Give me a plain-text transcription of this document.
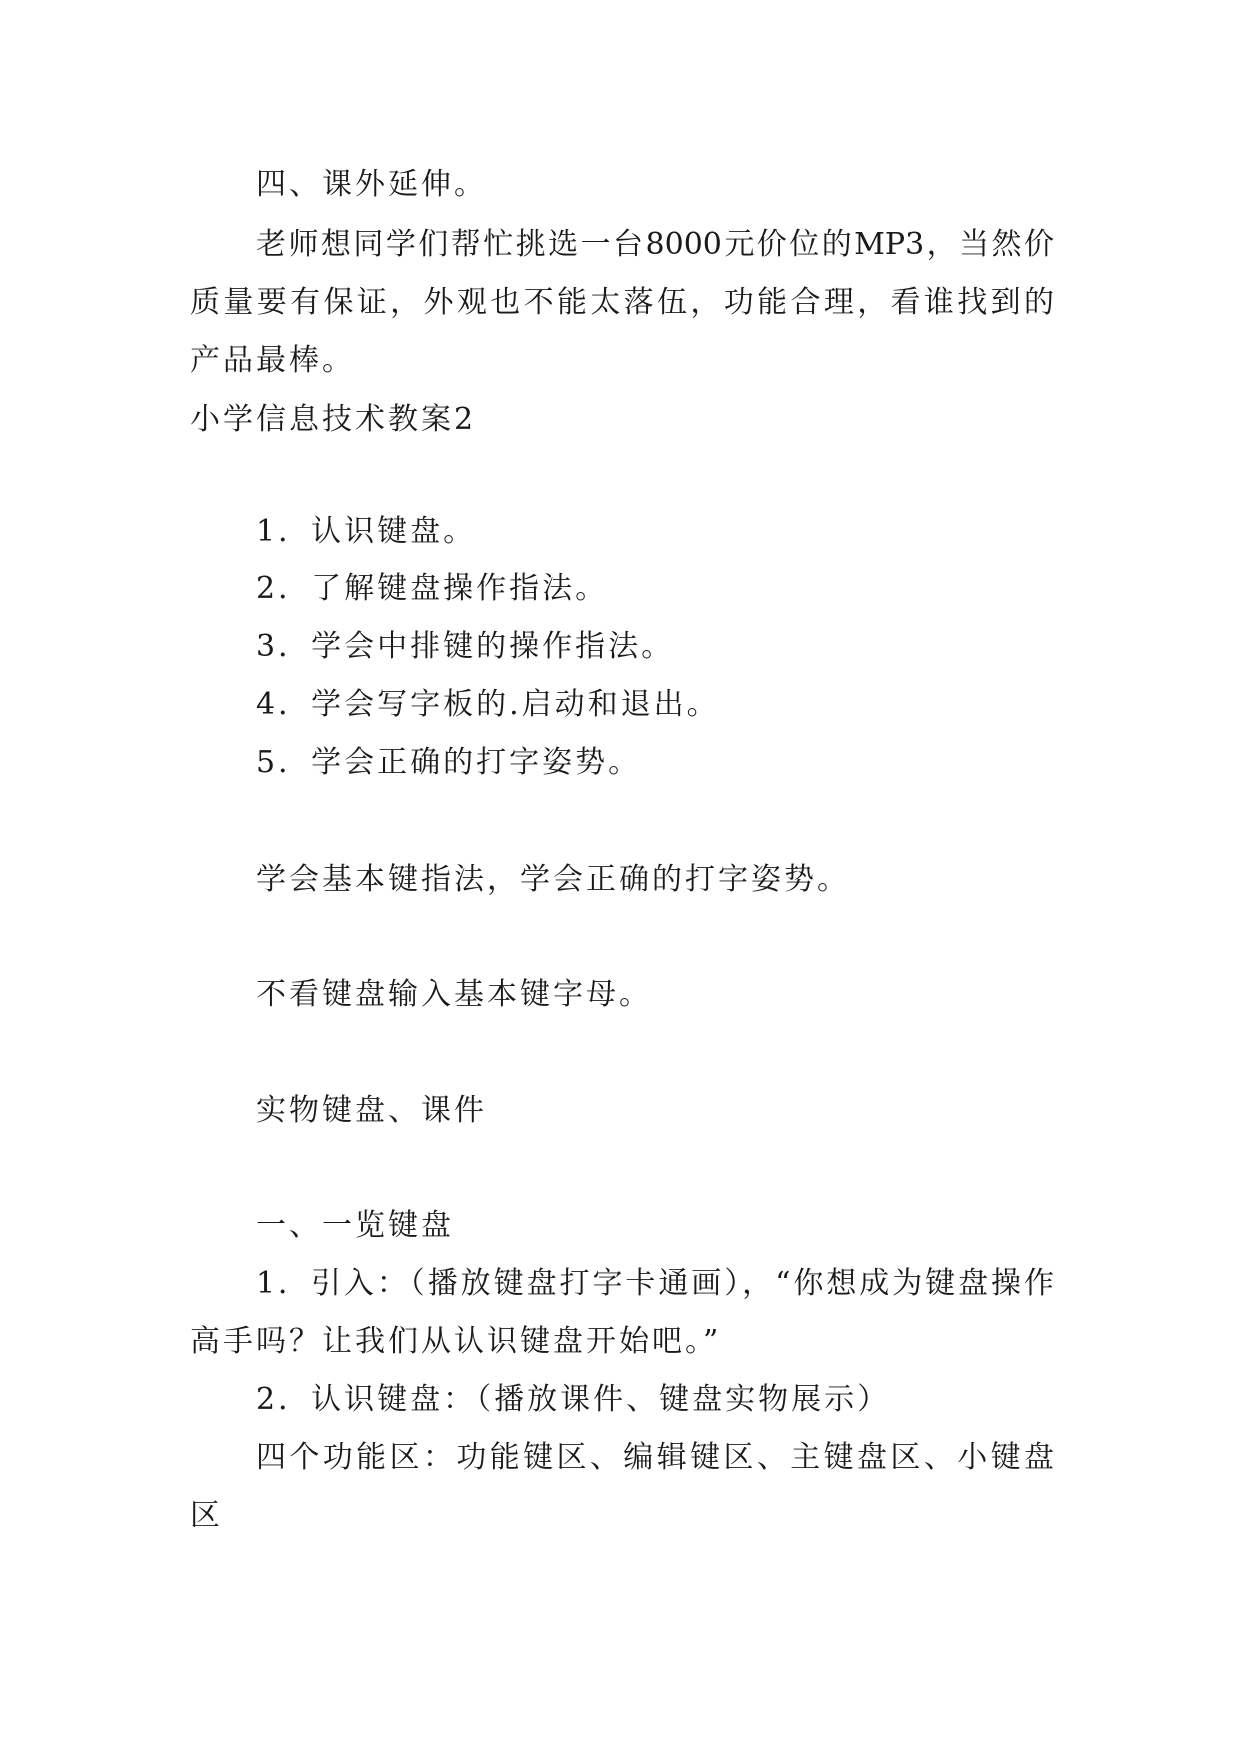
四、课外延伸。
老师想同学们帮忙挑选一台8000元价位的MP3，当然价
质量要有保证，外观也不能太落伍，功能合理，看谁找到的
产品最棒。
小学信息技术教案2
1．认识键盘。
2．了解键盘操作指法。
3．学会中排键的操作指法。
4．学会写字板的.启动和退出。
5．学会正确的打字姿势。
学会基本键指法，学会正确的打字姿势。
不看键盘输入基本键字母。
实物键盘、课件
一、一览键盘
1．引入：（播放键盘打字卡通画），“你想成为键盘操作
高手吗？让我们从认识键盘开始吧。”
2．认识键盘：（播放课件、键盘实物展示）
四个功能区：功能键区、编辑键区、主键盘区、小键盘
区
